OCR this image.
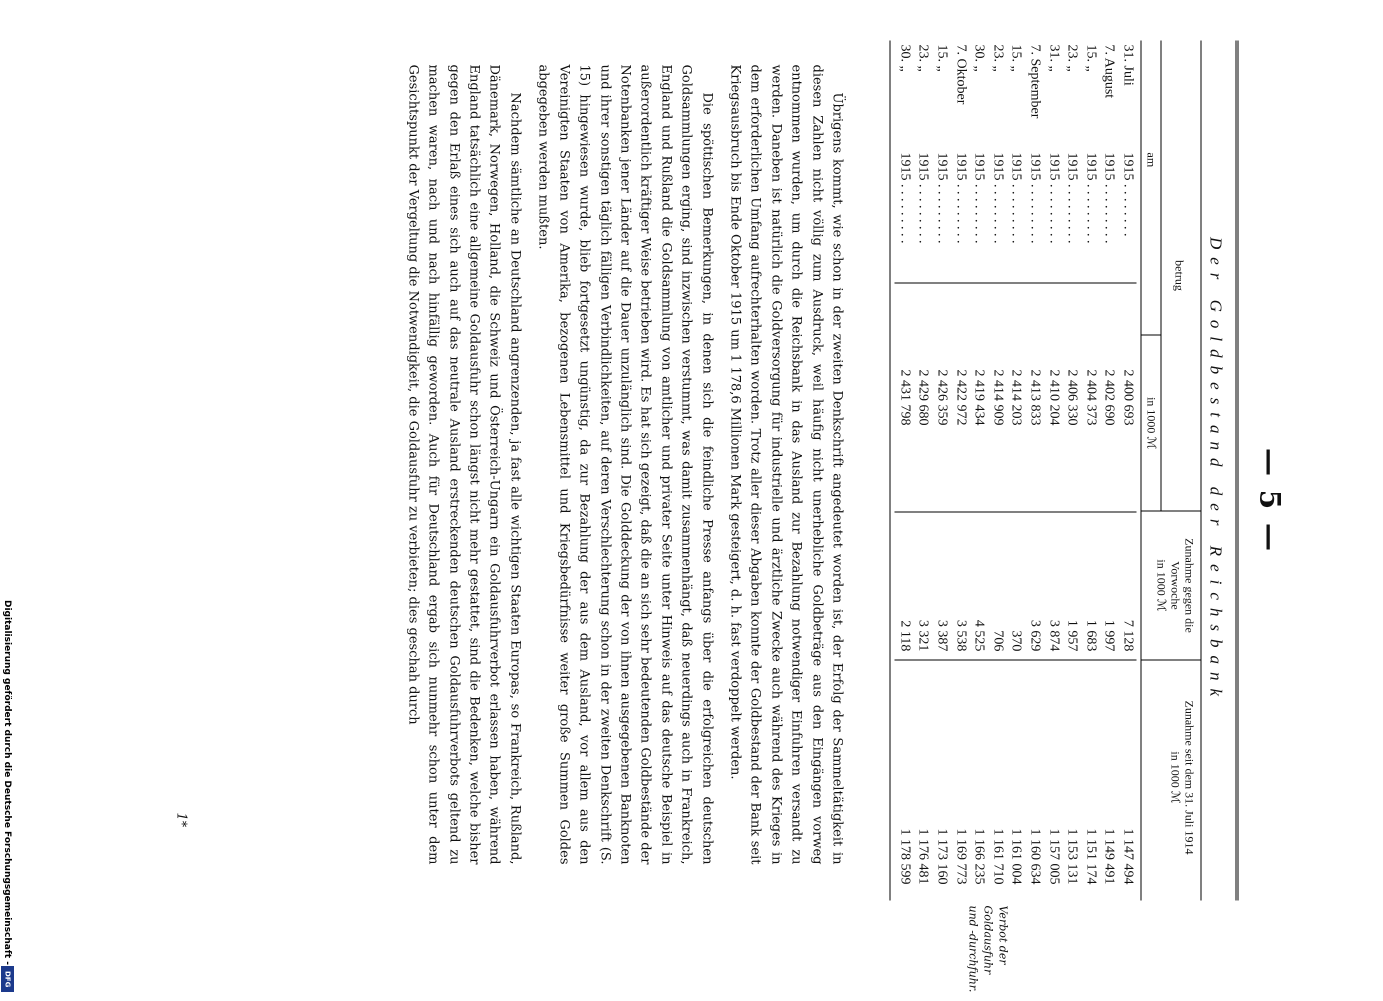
— 5 —
Verbot der Goldausfuhr und -durchfuhr.
Der Goldbestand der Reichsbank
betrug
am
in 1000 ℳ
Zunahme gegen die Vorwoche
in 1000 ℳ
Zunahme seit dem 31. Juli 1914
in 1000 ℳ
31. Juli
1915 . . . . . . . .
2 400 693
7 128
1 147 494
7. August
1915 . . . . . . . . .
2 402 690
1 997
1 149 491
15. „
1915 . . . . . . . . .
2 404 373
1 683
1 151 174
23. „
1915 . . . . . . . . .
2 406 330
1 957
1 153 131
31. „
1915 . . . . . . . . .
2 410 204
3 874
1 157 005
7. September
1915 . . . . . . . . .
2 413 833
3 629
1 160 634
15. „
1915 . . . . . . . . .
2 414 203
370
1 161 004
23. „
1915 . . . . . . . . .
2 414 909
706
1 161 710
30. „
1915 . . . . . . . . .
2 419 434
4 525
1 166 235
7. Oktober
1915 . . . . . . . . .
2 422 972
3 538
1 169 773
15. „
1915 . . . . . . . . .
2 426 359
3 387
1 173 160
23. „
1915 . . . . . . . . .
2 429 680
3 321
1 176 481
30. „
1915 . . . . . . . . .
2 431 798
2 118
1 178 599

Übrigens kommt, wie schon in der zweiten Denkschrift angedeutet worden ist, der Erfolg der Sammeltätigkeit in diesen Zahlen nicht völlig zum Ausdruck, weil häufig nicht unerhebliche Goldbeträge aus den Eingängen vorweg entnommen wurden, um durch die Reichsbank in das Ausland zur Bezahlung notwendiger Einfuhren versandt zu werden. Daneben ist natürlich die Goldversorgung für industrielle und ärztliche Zwecke auch während des Krieges in dem erforderlichen Umfang aufrechterhalten worden. Trotz aller dieser Abgaben konnte der Goldbestand der Bank seit Kriegsausbruch bis Ende Oktober 1915 um 1 178,6 Millionen Mark gesteigert, d. h. fast verdoppelt werden.

Die spöttischen Bemerkungen, in denen sich die feindliche Presse anfangs über die erfolgreichen deutschen Goldsammlungen erging, sind inzwischen verstummt, was damit zusammenhängt, daß neuerdings auch in Frankreich, England und Rußland die Goldsammlung von amtlicher und privater Seite unter Hinweis auf das deutsche Beispiel in außerordentlich kräftiger Weise betrieben wird. Es hat sich gezeigt, daß die an sich sehr bedeutenden Goldbestände der Notenbanken jener Länder auf die Dauer unzulänglich sind. Die Golddeckung der von ihnen ausgegebenen Banknoten und ihrer sonstigen täglich fälligen Verbindlichkeiten, auf deren Verschlechterung schon in der zweiten Denkschrift (S. 15) hingewiesen wurde, blieb fortgesetzt ungünstig, da zur Bezahlung der aus dem Ausland, vor allem aus den Vereinigten Staaten von Amerika, bezogenen Lebensmittel und Kriegsbedürfnisse weiter große Summen Goldes abgegeben werden mußten.

Nachdem sämtliche an Deutschland angrenzenden, ja fast alle wichtigen Staaten Europas, so Frankreich, Rußland, Dänemark, Norwegen, Holland, die Schweiz und Österreich-Ungarn ein Goldausfuhrverbot erlassen haben, während England tatsächlich eine allgemeine Goldausfuhr schon längst nicht mehr gestattet, sind die Bedenken, welche bisher gegen den Erlaß eines sich auch auf das neutrale Ausland erstreckenden deutschen Goldausfuhrverbots geltend zu machen waren, nach und nach hinfällig geworden. Auch für Deutschland ergab sich nunmehr schon unter dem Gesichtspunkt der Vergeltung die Notwendigkeit, die Goldausfuhr zu verbieten; dies geschah durch

1*
Digitalisierung gefördert durch die Deutsche Forschungsgemeinschaft -
DFG
